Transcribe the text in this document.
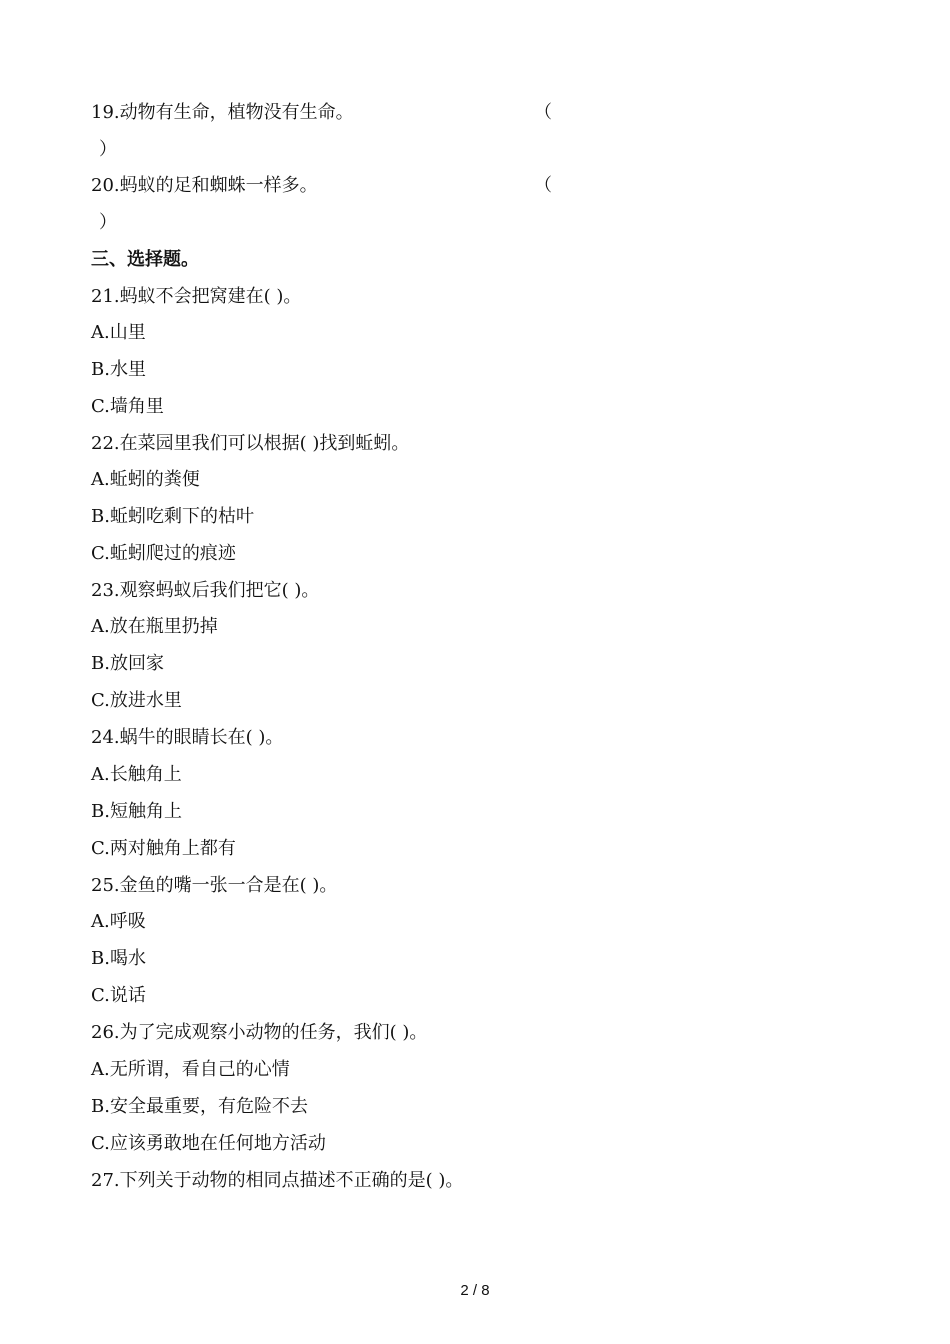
19.动物有生命，植物没有生命。	（
）
20.蚂蚁的足和蜘蛛一样多。	（
）
三、选择题。
21.蚂蚁不会把窝建在( )。
A.山里
B.水里
C.墙角里
22.在菜园里我们可以根据( )找到蚯蚓。
A.蚯蚓的粪便
B.蚯蚓吃剩下的枯叶
C.蚯蚓爬过的痕迹
23.观察蚂蚁后我们把它( )。
A.放在瓶里扔掉
B.放回家
C.放进水里
24.蜗牛的眼睛长在( )。
A.长触角上
B.短触角上
C.两对触角上都有
25.金鱼的嘴一张一合是在( )。
A.呼吸
B.喝水
C.说话
26.为了完成观察小动物的任务，我们( )。
A.无所谓，看自己的心情
B.安全最重要，有危险不去
C.应该勇敢地在任何地方活动
27.下列关于动物的相同点描述不正确的是( )。
2 / 8
